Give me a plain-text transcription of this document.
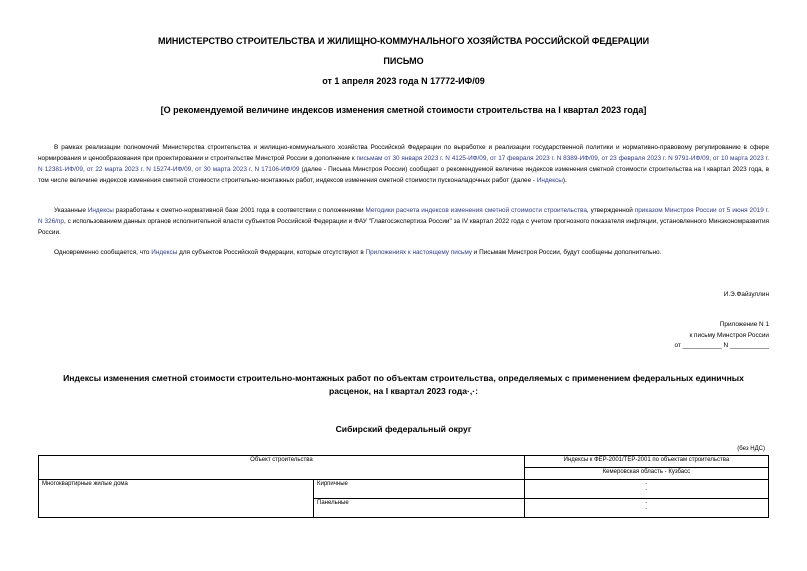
МИНИСТЕРСТВО СТРОИТЕЛЬСТВА И ЖИЛИЩНО-КОММУНАЛЬНОГО ХОЗЯЙСТВА РОССИЙСКОЙ ФЕДЕРАЦИИ
ПИСЬМО
от 1 апреля 2023 года N 17772-ИФ/09
[О рекомендуемой величине индексов изменения сметной стоимости строительства на I квартал 2023 года]
В рамках реализации полномочий Министерства строительства и жилищно-коммунального хозяйства Российской Федерации по выработке и реализации государственной политики и нормативно-правовому регулированию в сфере нормирования и ценообразования при проектировании и строительстве Минстрой России в дополнение к письмам от 30 января 2023 г. N 4125-ИФ/09, от 17 февраля 2023 г. N 8389-ИФ/09, от 23 февраля 2023 г. N 9791-ИФ/09, от 10 марта 2023 г. N 12381-ИФ/09, от 22 марта 2023 г. N 15274-ИФ/09, от 30 марта 2023 г. N 17106-ИФ/09 (далее - Письма Минстроя России) сообщает о рекомендуемой величине индексов изменения сметной стоимости строительства на I квартал 2023 года, в том числе величине индексов изменения сметной стоимости строительно-монтажных работ, индексов изменения сметной стоимости пусконаладочных работ (далее - Индексы).
Указанные Индексы разработаны к сметно-нормативной базе 2001 года в соответствии с положениями Методики расчета индексов изменения сметной стоимости строительства, утвержденной приказом Минстроя России от 5 июня 2019 г. N 326/пр, с использованием данных органов исполнительной власти субъектов Российской Федерации и ФАУ "Главгосэкспертиза России" за IV квартал 2022 года с учетом прогнозного показателя инфляции, установленного Минэкономразвития России.
Одновременно сообщается, что Индексы для субъектов Российской Федерации, которые отсутствуют в Приложениях к настоящему письму и Письмам Минстроя России, будут сообщены дополнительно.
И.Э.Файзуллин
Приложение N 1
к письму Минстроя России
от ___________ N ___________
Индексы изменения сметной стоимости строительно-монтажных работ по объектам строительства, определяемых с применением федеральных единичных
расценок, на I квартал 2023 года·,·:
Сибирский федеральный округ
(без НДС)
Объект строительства		Индексы к ФЕР-2001/ТЕР-2001 по объектам строительства
		Кемеровская область - Кузбасс
Многоквартирные жилые дома	Кирпичные	-
-

	Панельные	-
-
